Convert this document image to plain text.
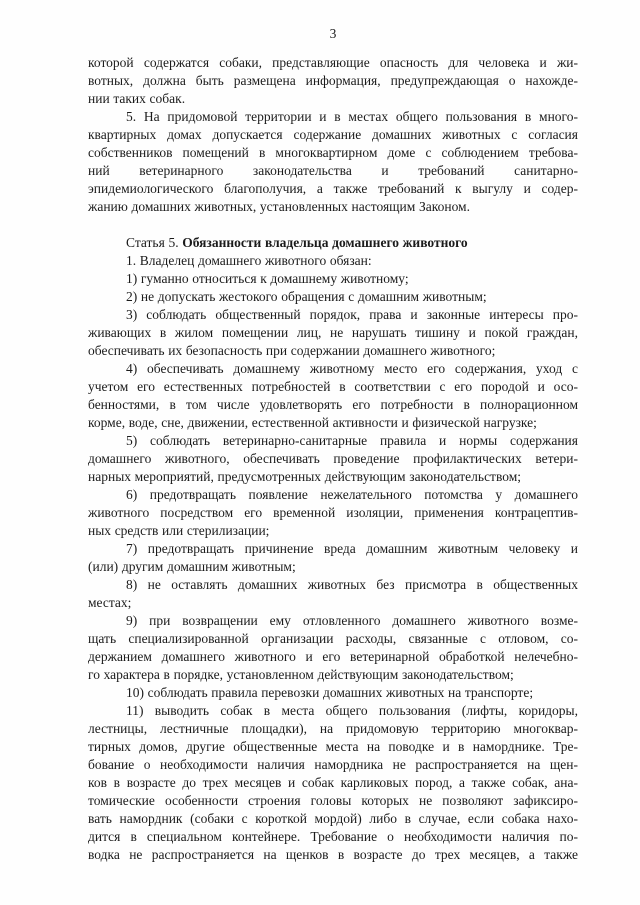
3

которой содержатся собаки, представляющие опасность для человека и жи-
вотных, должна быть размещена информация, предупреждающая о нахожде-
нии таких собак.

5. На придомовой территории и в местах общего пользования в много-
квартирных домах допускается содержание домашних животных с согласия
собственников помещений в многоквартирном доме с соблюдением требова-
ний ветеринарного законодательства и требований санитарно-
эпидемиологического благополучия, а также требований к выгулу и содер-
жанию домашних животных, установленных настоящим Законом.

Статья 5. Обязанности владельца домашнего животного

1. Владелец домашнего животного обязан:

1) гуманно относиться к домашнему животному;

2) не допускать жестокого обращения с домашним животным;

3) соблюдать общественный порядок, права и законные интересы про-
живающих в жилом помещении лиц, не нарушать тишину и покой граждан,
обеспечивать их безопасность при содержании домашнего животного;

4) обеспечивать домашнему животному место его содержания, уход с
учетом его естественных потребностей в соответствии с его породой и осо-
бенностями, в том числе удовлетворять его потребности в полнорационном
корме, воде, сне, движении, естественной активности и физической нагрузке;

5) соблюдать ветеринарно-санитарные правила и нормы содержания
домашнего животного, обеспечивать проведение профилактических ветери-
нарных мероприятий, предусмотренных действующим законодательством;

6) предотвращать появление нежелательного потомства у домашнего
животного посредством его временной изоляции, применения контрацептив-
ных средств или стерилизации;

7) предотвращать причинение вреда домашним животным человеку и
(или) другим домашним животным;

8) не оставлять домашних животных без присмотра в общественных
местах;

9) при возвращении ему отловленного домашнего животного возме-
щать специализированной организации расходы, связанные с отловом, со-
держанием домашнего животного и его ветеринарной обработкой нелечебно-
го характера в порядке, установленном действующим законодательством;

10) соблюдать правила перевозки домашних животных на транспорте;

11) выводить собак в места общего пользования (лифты, коридоры,
лестницы, лестничные площадки), на придомовую территорию многоквар-
тирных домов, другие общественные места на поводке и в наморднике. Тре-
бование о необходимости наличия намордника не распространяется на щен-
ков в возрасте до трех месяцев и собак карликовых пород, а также собак, ана-
томические особенности строения головы которых не позволяют зафиксиро-
вать намордник (собаки с короткой мордой) либо в случае, если собака нахо-
дится в специальном контейнере. Требование о необходимости наличия по-
водка не распространяется на щенков в возрасте до трех месяцев, а также
